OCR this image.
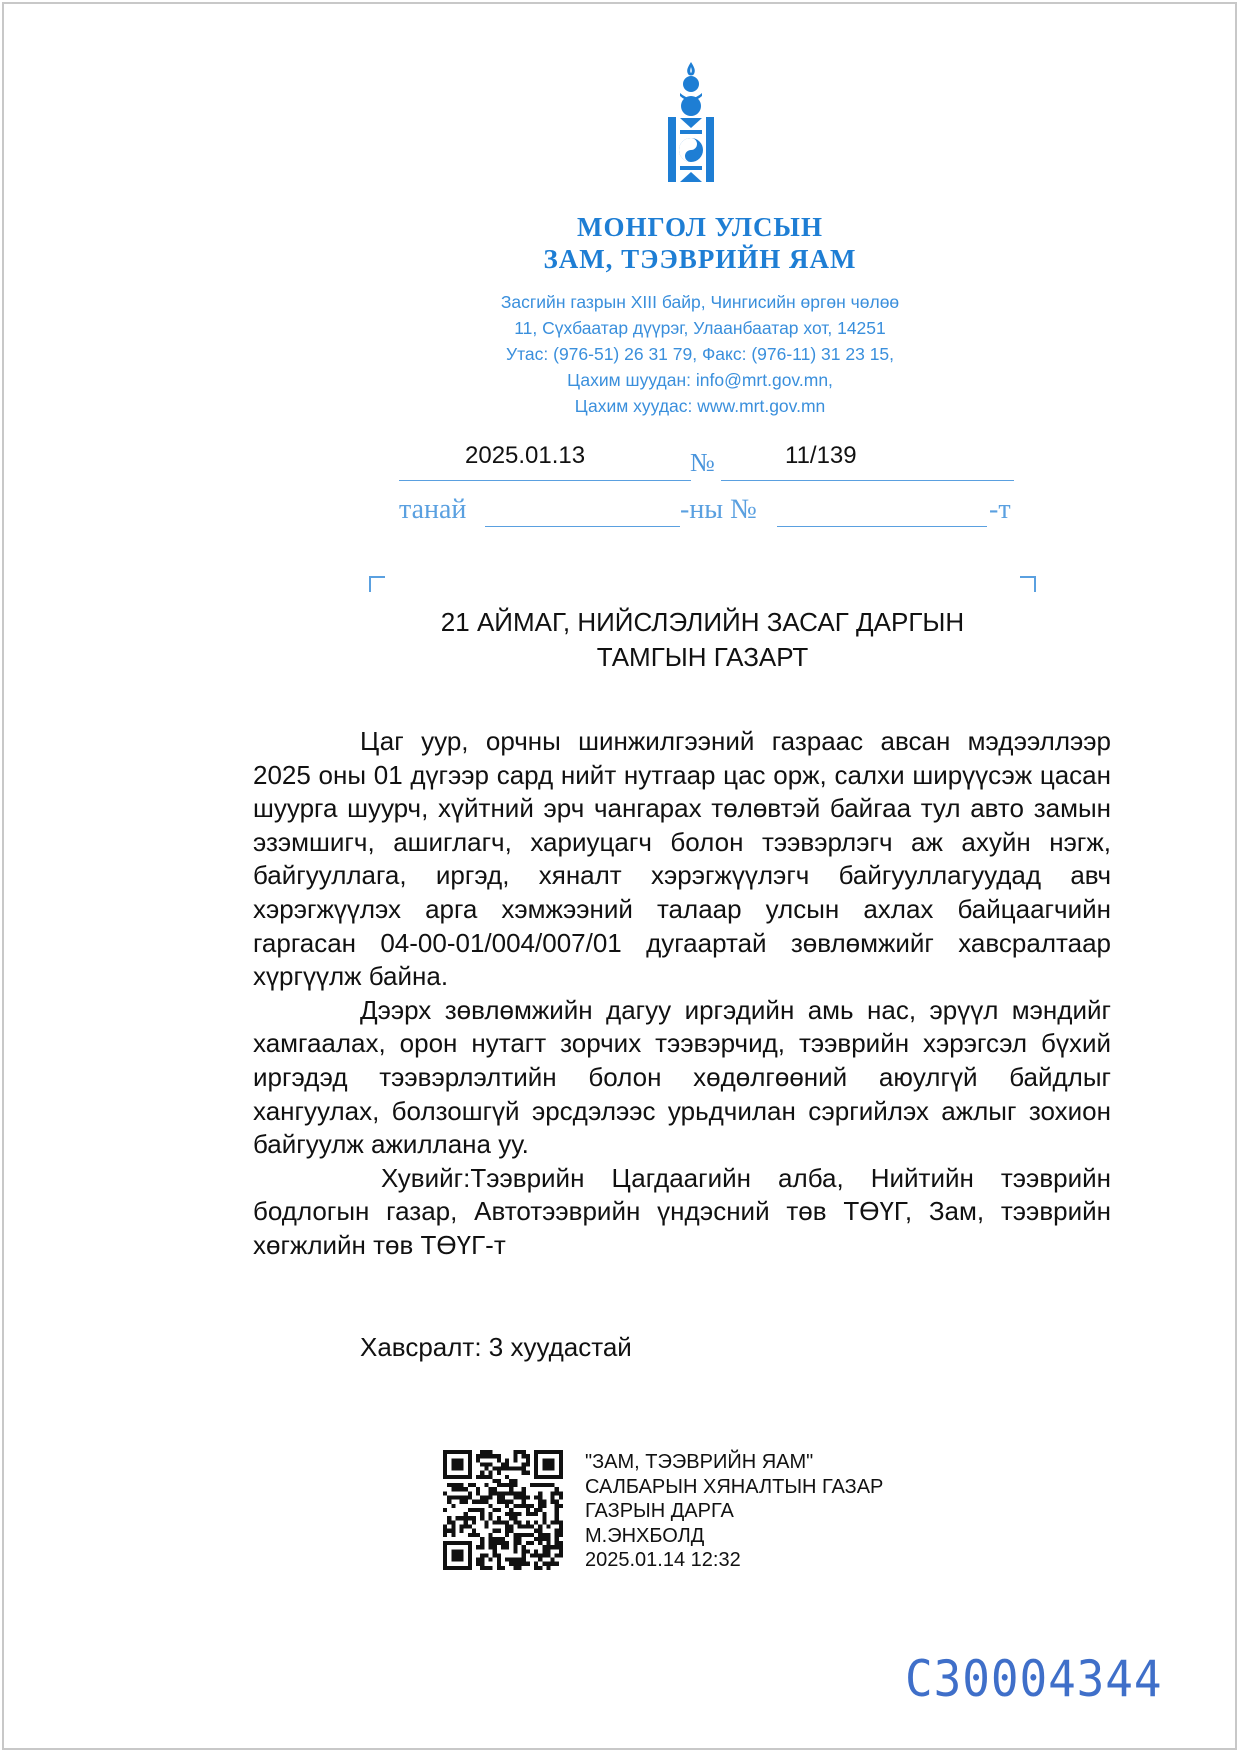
МОНГОЛ УЛСЫН
ЗАМ, ТЭЭВРИЙН ЯАМ
Засгийн газрын XIII байр, Чингисийн өргөн чөлөө
11, Сүхбаатар дүүрэг, Улаанбаатар хот, 14251
Утас: (976-51) 26 31 79, Факс: (976-11) 31 23 15,
Цахим шуудан: info@mrt.gov.mn,
Цахим хуудас: www.mrt.gov.mn
2025.01.13	№	11/139
танай	-ны №	-т
21 АЙМАГ, НИЙСЛЭЛИЙН ЗАСАГ ДАРГЫН
ТАМГЫН ГАЗАРТ

Цаг уур, орчны шинжилгээний газраас авсан мэдээллээр 2025 оны 01 дүгээр сард нийт нутгаар цас орж, салхи ширүүсэж цасан шуурга шуурч, хүйтний эрч чангарах төлөвтэй байгаа тул авто замын эзэмшигч, ашиглагч, хариуцагч болон тээвэрлэгч аж ахуйн нэгж, байгууллага, иргэд, хяналт хэрэгжүүлэгч байгууллагуудад авч хэрэгжүүлэх арга хэмжээний талаар улсын ахлах байцаагчийн гаргасан 04-00-01/004/007/01 дугаартай зөвлөмжийг хавсралтаар хүргүүлж байна.

Дээрх зөвлөмжийн дагуу иргэдийн амь нас, эрүүл мэндийг хамгаалах, орон нутагт зорчих тээвэрчид, тээврийн хэрэгсэл бүхий иргэдэд тээвэрлэлтийн болон хөдөлгөөний аюулгүй байдлыг хангуулах, болзошгүй эрсдэлээс урьдчилан сэргийлэх ажлыг зохион байгуулж ажиллана уу.

Хувийг:Тээврийн Цагдаагийн алба, Нийтийн тээврийн бодлогын газар, Автотээврийн үндэсний төв ТӨҮГ, Зам, тээврийн хөгжлийн төв ТӨҮГ-т

Хавсралт: 3 хуудастай
"ЗАМ, ТЭЭВРИЙН ЯАМ"
САЛБАРЫН ХЯНАЛТЫН ГАЗАР
ГАЗРЫН ДАРГА
М.ЭНХБОЛД
2025.01.14 12:32
C30004344
